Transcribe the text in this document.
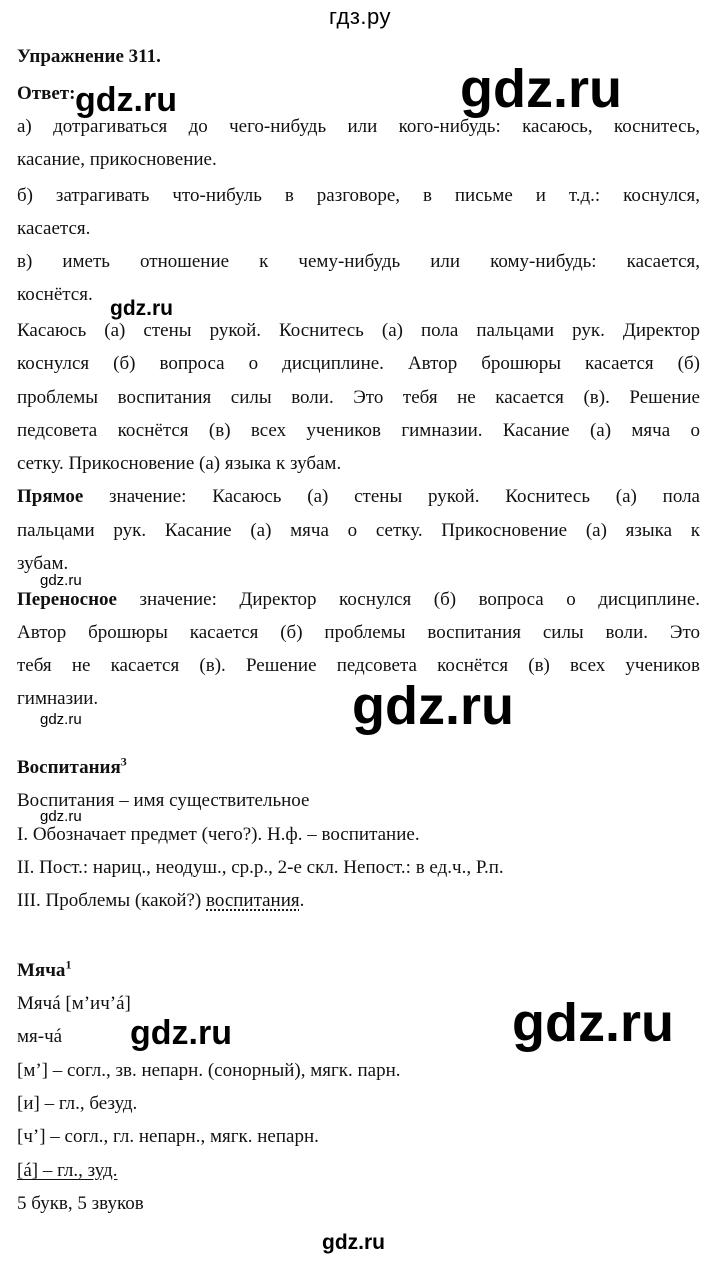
гдз.ру
Упражнение 311.
Ответ:
а) дотрагиваться до чего-нибудь или кого-нибудь: касаюсь, коснитесь,
касание, прикосновение.
б) затрагивать что-нибуль в разговоре, в письме и т.д.: коснулся,
касается.
в) иметь отношение к чему-нибудь или кому-нибудь: касается,
коснётся.
Касаюсь (а) стены рукой. Коснитесь (а) пола пальцами рук. Директор
коснулся (б) вопроса о дисциплине. Автор брошюры касается (б)
проблемы воспитания силы воли. Это тебя не касается (в). Решение
педсовета коснётся (в) всех учеников гимназии. Касание (а) мяча о
сетку. Прикосновение (а) языка к зубам.
Прямое значение: Касаюсь (а) стены рукой. Коснитесь (а) пола
пальцами рук. Касание (а) мяча о сетку. Прикосновение (а) языка к
зубам.
Переносное значение: Директор коснулся (б) вопроса о дисциплине.
Автор брошюры касается (б) проблемы воспитания силы воли. Это
тебя не касается (в). Решение педсовета коснётся (в) всех учеников
гимназии.
Воспитания$^3$
Воспитания – имя существительное
I. Обозначает предмет (чего?). Н.ф. – воспитание.
II. Пост.: нариц., неодуш., ср.р., 2-е скл. Непост.: в ед.ч., Р.п.
III. Проблемы (какой?) воспитания.
Мяча$^1$
Мячá [м’ич’á]
мя-чá
[м’] – согл., зв. непарн. (сонорный), мягк. парн.
[и] – гл., безуд.
[ч’] – согл., гл. непарн., мягк. непарн.
[á] – гл., зуд.
5 букв, 5 звуков
gdz.ru
gdz.ru
gdz.ru
gdz.ru
gdz.ru
gdz.ru
gdz.ru
gdz.ru
gdz.ru
gdz.ru
